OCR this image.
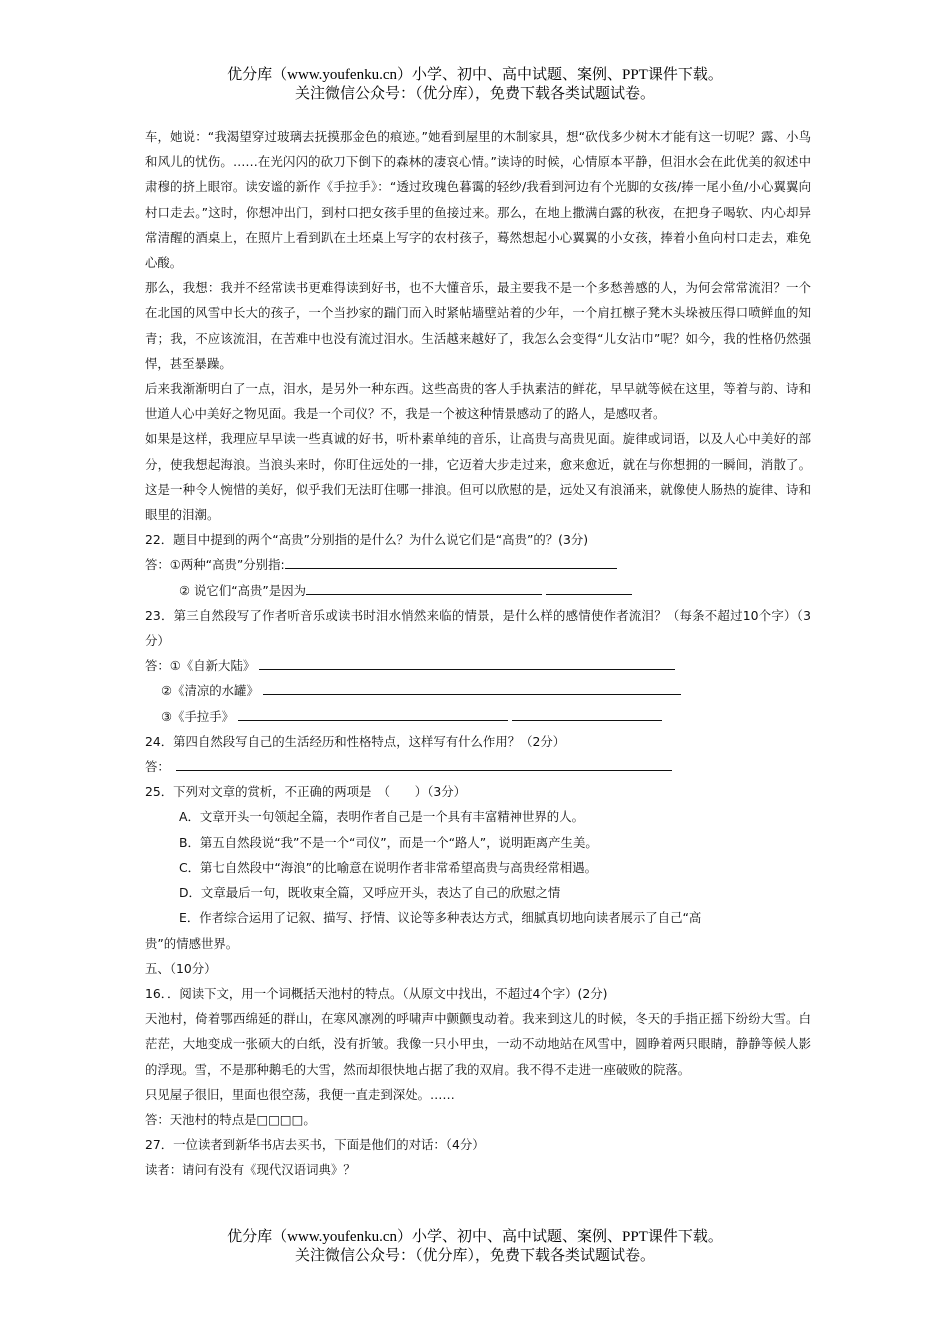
优分库（www.youfenku.cn）小学、初中、高中试题、案例、PPT课件下载。
关注微信公众号：（优分库），免费下载各类试题试卷。

车，她说：“我渴望穿过玻璃去抚摸那金色的痕迹。”她看到屋里的木制家具，想“砍伐多少树木才能有这一切呢？露、小鸟和风儿的忧伤。……在光闪闪的砍刀下倒下的森林的凄哀心情。”读诗的时候，心情原本平静，但泪水会在此优美的叙述中肃穆的挤上眼帘。读安谧的新作《手拉手》：“透过玫瑰色暮霭的轻纱/我看到河边有个光脚的女孩/捧一尾小鱼/小心翼翼向村口走去。”这时，你想冲出门，到村口把女孩手里的鱼接过来。那么，在地上撒满白露的秋夜，在把身子喝软、内心却异常清醒的酒桌上，在照片上看到趴在土坯桌上写字的农村孩子，蓦然想起小心翼翼的小女孩，捧着小鱼向村口走去，难免心酸。

那么，我想：我并不经常读书更难得读到好书，也不大懂音乐，最主要我不是一个多愁善感的人，为何会常常流泪？一个在北国的风雪中长大的孩子，一个当抄家的踹门而入时紧帖墙壁站着的少年，一个肩扛檩子凳木头垛被压得口喷鲜血的知青；我，不应该流泪，在苦难中也没有流过泪水。生活越来越好了，我怎么会变得“儿女沾巾”呢？如今，我的性格仍然强悍，甚至暴躁。

后来我渐渐明白了一点，泪水，是另外一种东西。这些高贵的客人手执素洁的鲜花，早早就等候在这里，等着与韵、诗和世道人心中美好之物见面。我是一个司仪？不，我是一个被这种情景感动了的路人，是感叹者。

如果是这样，我理应早早读一些真诚的好书，听朴素单纯的音乐，让高贵与高贵见面。旋律或词语，以及人心中美好的部分，使我想起海浪。当浪头来时，你盯住远处的一排，它迈着大步走过来，愈来愈近，就在与你想拥的一瞬间，消散了。这是一种令人惋惜的美好，似乎我们无法盯住哪一排浪。但可以欣慰的是，远处又有浪涌来，就像使人肠热的旋律、诗和眼里的泪潮。

22．题目中提到的两个“高贵”分别指的是什么？为什么说它们是“高贵”的？(3分)

答：①两种“高贵”分别指:

② 说它们“高贵”是因为

23．第三自然段写了作者听音乐或读书时泪水悄然来临的情景，是什么样的感情使作者流泪？（每条不超过10个字）（3分）

答：①《自新大陆》

②《清凉的水罐》

③《手拉手》

24．第四自然段写自己的生活经历和性格特点，这样写有什么作用？（2分）

答：

25．下列对文章的赏析，不正确的两项是　（　　）（3分）

A．文章开头一句领起全篇，表明作者自己是一个具有丰富精神世界的人。

B．第五自然段说“我”不是一个“司仪”，而是一个“路人”，说明距离产生美。

C．第七自然段中“海浪”的比喻意在说明作者非常希望高贵与高贵经常相遇。

D．文章最后一句，既收束全篇，又呼应开头，表达了自己的欣慰之情

E．作者综合运用了记叙、描写、抒情、议论等多种表达方式，细腻真切地向读者展示了自己“高

贵”的情感世界。

五、（10分）

16．．阅读下文，用一个词概括天池村的特点。（从原文中找出，不超过4个字）(2分)

天池村，倚着鄂西绵延的群山，在寒风凛冽的呼啸声中颤颤曳动着。我来到这儿的时候，冬天的手指正摇下纷纷大雪。白茫茫，大地变成一张硕大的白纸，没有折皱。我像一只小甲虫，一动不动地站在风雪中，圆睁着两只眼睛，静静等候人影的浮现。雪，不是那种鹅毛的大雪，然而却很快地占据了我的双肩。我不得不走进一座破败的院落。

只见屋子很旧，里面也很空荡，我便一直走到深处。……

答：天池村的特点是□□□□。

27．一位读者到新华书店去买书，下面是他们的对话：（4分）

读者：请问有没有《现代汉语词典》？

优分库（www.youfenku.cn）小学、初中、高中试题、案例、PPT课件下载。
关注微信公众号：（优分库），免费下载各类试题试卷。
